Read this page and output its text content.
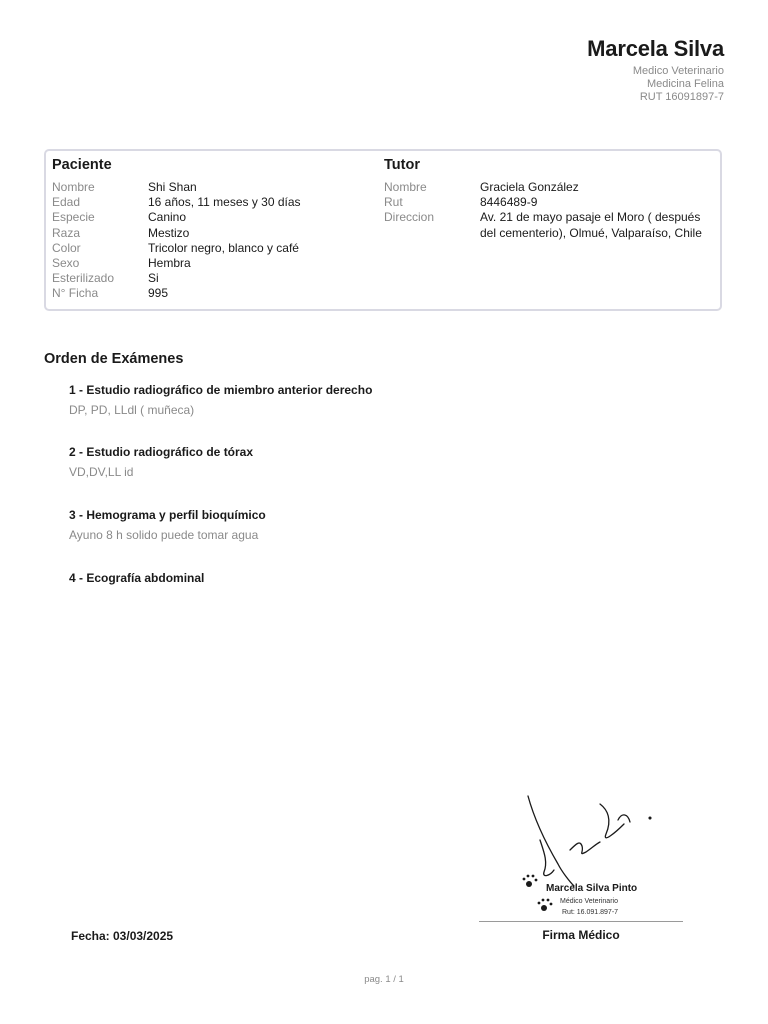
Marcela Silva
Medico Veterinario
Medicina Felina
RUT 16091897-7
Paciente
Nombre	Shi Shan
Edad	16 años, 11 meses y 30 días
Especie	Canino
Raza	Mestizo
Color	Tricolor negro, blanco y café
Sexo	Hembra
Esterilizado	Si
N° Ficha	995
Tutor
Nombre	Graciela González
Rut	8446489-9
Direccion	Av. 21 de mayo pasaje el Moro ( después del cementerio), Olmué, Valparaíso, Chile
Orden de Exámenes
1 - Estudio radiográfico de miembro anterior derecho
DP, PD, LLdl ( muñeca)
2 - Estudio radiográfico de tórax
VD,DV,LL id
3 - Hemograma y perfil bioquímico
Ayuno 8 h solido puede tomar agua
4 - Ecografía abdominal
Marcela Silva Pinto
Médico Veterinario
Rut: 16.091.897-7
Firma Médico
Fecha: 03/03/2025
pag. 1 / 1
